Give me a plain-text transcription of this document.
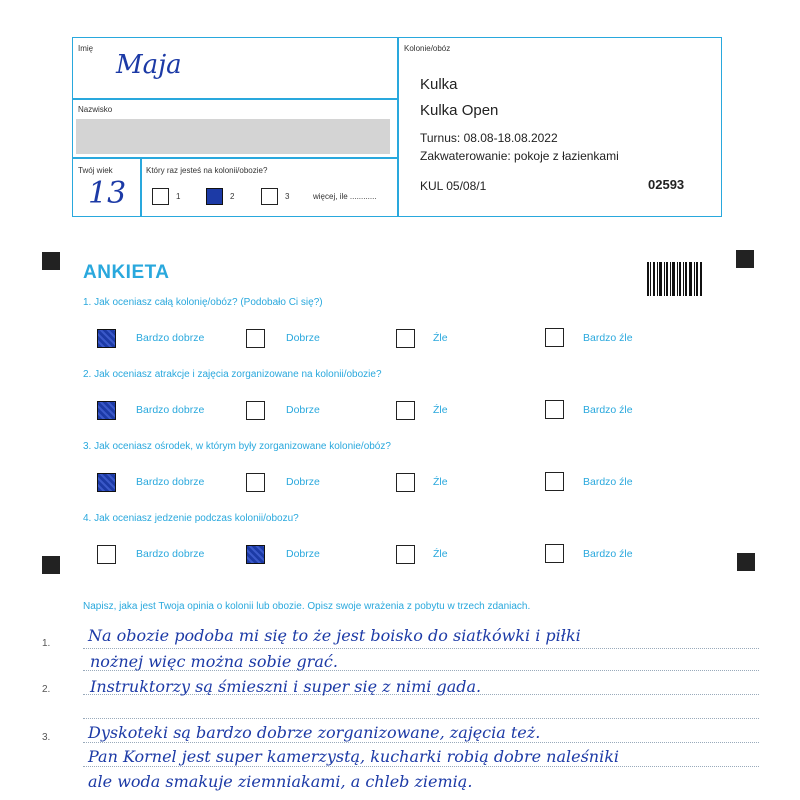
Imię
Maja
Nazwisko
Twój wiek
13
Który raz jesteś na kolonii/obozie?
1	2	3	więcej, ile ............
Kolonie/obóz
Kulka
Kulka Open
Turnus: 08.08-18.08.2022
Zakwaterowanie: pokoje z łazienkami
KUL 05/08/1	02593
ANKIETA
1. Jak oceniasz całą kolonię/obóz? (Podobało Ci się?)
Bardzo dobrze	Dobrze	Źle	Bardzo źle
2. Jak oceniasz atrakcje i zajęcia zorganizowane na kolonii/obozie?
Bardzo dobrze	Dobrze	Źle	Bardzo źle
3. Jak oceniasz ośrodek, w którym były zorganizowane kolonie/obóz?
Bardzo dobrze	Dobrze	Źle	Bardzo źle
4. Jak oceniasz jedzenie podczas kolonii/obozu?
Bardzo dobrze	Dobrze	Źle	Bardzo źle
Napisz, jaka jest Twoja opinia o kolonii lub obozie. Opisz swoje wrażenia z pobytu w trzech zdaniach.
1.
2.
3.
Na obozie podoba mi się to że jest boisko do siatkówki i piłki
nożnej więc można sobie grać.
Instruktorzy są śmieszni i super się z nimi gada.
Dyskoteki są bardzo dobrze zorganizowane, zajęcia też.
Pan Kornel jest super kamerzystą, kucharki robią dobre naleśniki
ale woda smakuje ziemniakami, a chleb ziemią.
